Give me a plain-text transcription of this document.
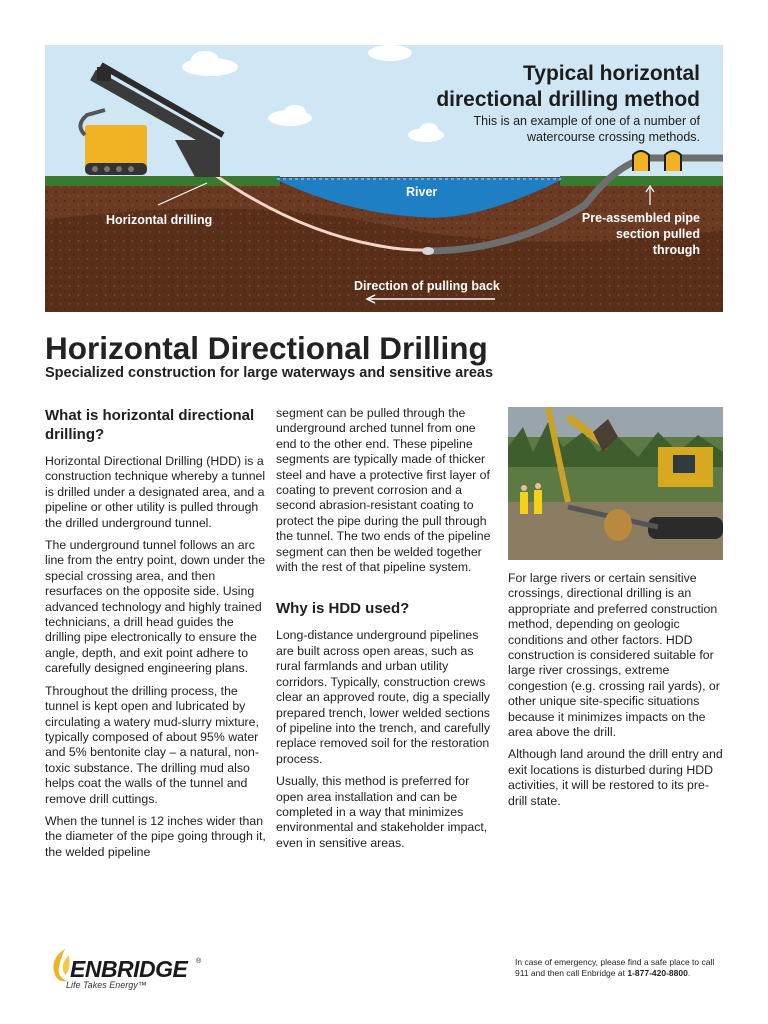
Typical horizontal
directional drilling method
This is an example of one of a number of watercourse crossing methods.
River
Horizontal drilling	Pre-assembled pipe section pulled through
Direction of pulling back
Horizontal Directional Drilling
Specialized construction for large waterways and sensitive areas
What is horizontal directional drilling?

Horizontal Directional Drilling (HDD) is a construction technique whereby a tunnel is drilled under a designated area, and a pipeline or other utility is pulled through the drilled underground tunnel.

The underground tunnel follows an arc line from the entry point, down under the special crossing area, and then resurfaces on the opposite side. Using advanced technology and highly trained technicians, a drill head guides the drilling pipe electronically to ensure the angle, depth, and exit point adhere to carefully designed engineering plans.

Throughout the drilling process, the tunnel is kept open and lubricated by circulating a watery mud-slurry mixture, typically composed of about 95% water and 5% bentonite clay – a natural, non-toxic substance. The drilling mud also helps coat the walls of the tunnel and remove drill cuttings.

When the tunnel is 12 inches wider than the diameter of the pipe going through it, the welded pipeline

segment can be pulled through the underground arched tunnel from one end to the other end. These pipeline segments are typically made of thicker steel and have a protective first layer of coating to prevent corrosion and a second abrasion-resistant coating to protect the pipe during the pull through the tunnel. The two ends of the pipeline segment can then be welded together with the rest of that pipeline system.

Why is HDD used?

Long-distance underground pipelines are built across open areas, such as rural farmlands and urban utility corridors. Typically, construction crews clear an approved route, dig a specially prepared trench, lower welded sections of pipeline into the trench, and carefully replace removed soil for the restoration process.

Usually, this method is preferred for open area installation and can be completed in a way that minimizes environmental and stakeholder impact, even in sensitive areas.

For large rivers or certain sensitive crossings, directional drilling is an appropriate and preferred construction method, depending on geologic conditions and other factors. HDD construction is considered suitable for large river crossings, extreme congestion (e.g. crossing rail yards), or other unique site-specific situations because it minimizes impacts on the area above the drill.

Although land around the drill entry and exit locations is disturbed during HDD activities, it will be restored to its pre-drill state.

ENBRIDGE ®
Life Takes Energy™
In case of emergency, please find a safe place to call 911 and then call Enbridge at 1-877-420-8800.
